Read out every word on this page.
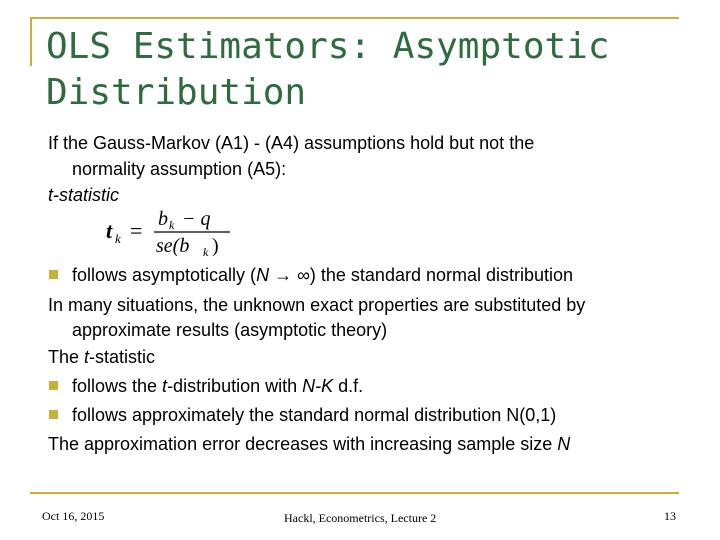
OLS Estimators: Asymptotic
Distribution
If the Gauss-Markov (A1) - (A4) assumptions hold but not the
normality assumption (A5):
t-statistic
t k = b k − q
se(b k )
follows asymptotically (N → ∞) the standard normal distribution
In many situations, the unknown exact properties are substituted by
approximate results (asymptotic theory)
The t-statistic
follows the t-distribution with N-K d.f.
follows approximately the standard normal distribution N(0,1)
The approximation error decreases with increasing sample size N
Oct 16, 2015	Hackl, Econometrics, Lecture 2	13
